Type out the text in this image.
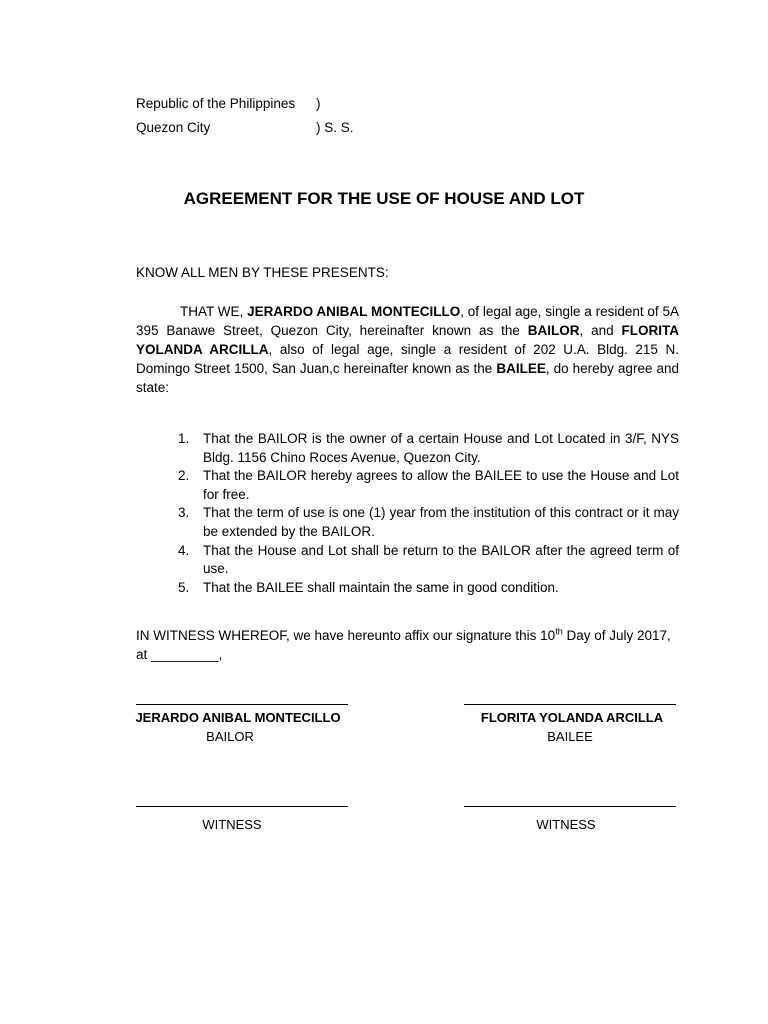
Republic of the Philippines )
Quezon City	) S. S.
AGREEMENT FOR THE USE OF HOUSE AND LOT
KNOW ALL MEN BY THESE PRESENTS:
THAT WE, JERARDO ANIBAL MONTECILLO, of legal age, single a resident of 5A 395 Banawe Street, Quezon City, hereinafter known as the BAILOR, and FLORITA YOLANDA ARCILLA, also of legal age, single a resident of 202 U.A. Bldg. 215 N. Domingo Street 1500, San Juan,c hereinafter known as the BAILEE, do hereby agree and state:
1. That the BAILOR is the owner of a certain House and Lot Located in 3/F, NYS Bldg. 1156 Chino Roces Avenue, Quezon City.
2. That the BAILOR hereby agrees to allow the BAILEE to use the House and Lot for free.
3. That the term of use is one (1) year from the institution of this contract or it may be extended by the BAILOR.
4. That the House and Lot shall be return to the BAILOR after the agreed term of use.
5. That the BAILEE shall maintain the same in good condition.
IN WITNESS WHEREOF, we have hereunto affix our signature this 10th Day of July 2017,
at _________,
JERARDO ANIBAL MONTECILLO
BAILOR
FLORITA YOLANDA ARCILLA
BAILEE
WITNESS	WITNESS
